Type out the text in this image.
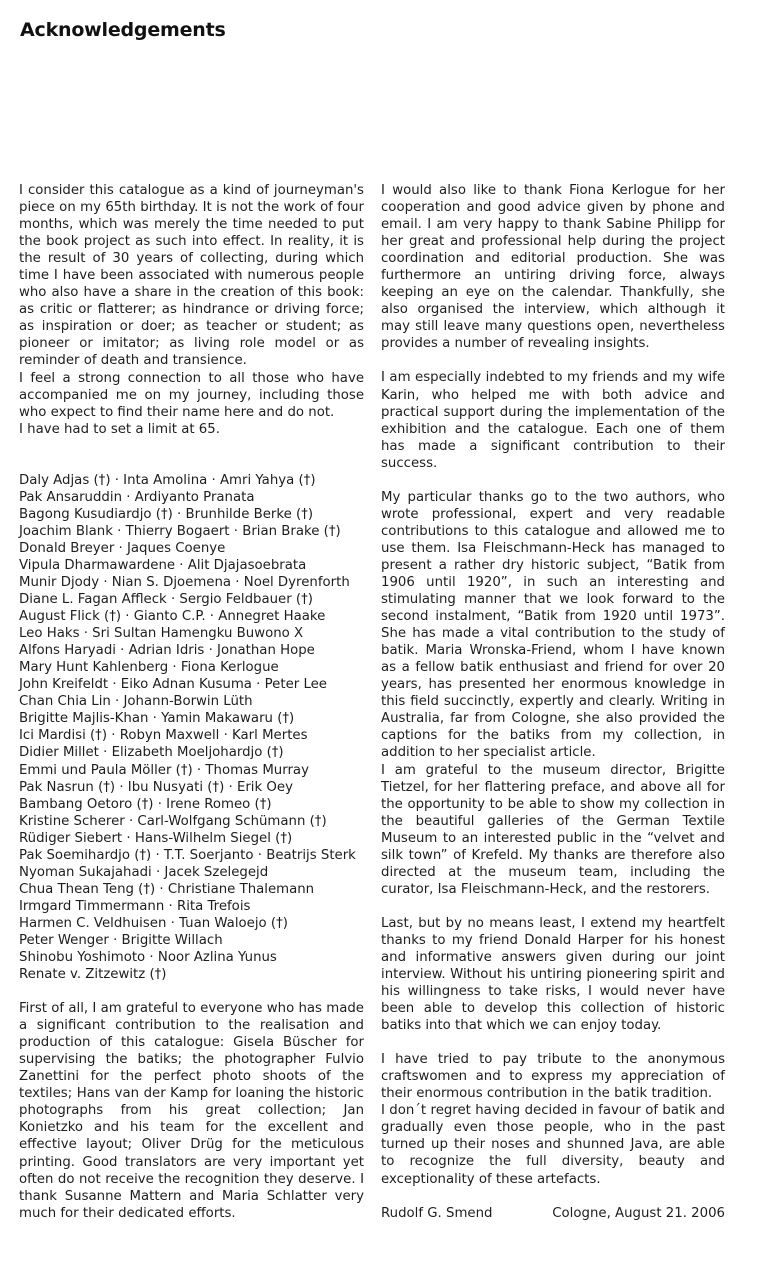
Acknowledgements

I consider this catalogue as a kind of journeyman's piece on my 65th birthday. It is not the work of four months, which was merely the time needed to put the book project as such into effect. In reality, it is the result of 30 years of collecting, during which time I have been associated with numerous people who also have a share in the creation of this book: as critic or flatterer; as hindrance or driving force; as inspiration or doer; as teacher or student; as pioneer or imitator; as living role model or as reminder of death and transience.

I feel a strong connection to all those who have accompanied me on my journey, including those who expect to find their name here and do not.

I have had to set a limit at 65.

Daly Adjas (†) · Inta Amolina · Amri Yahya (†)
Pak Ansaruddin · Ardiyanto Pranata
Bagong Kusudiardjo (†) · Brunhilde Berke (†)
Joachim Blank · Thierry Bogaert · Brian Brake (†)
Donald Breyer · Jaques Coenye
Vipula Dharmawardene · Alit Djajasoebrata
Munir Djody · Nian S. Djoemena · Noel Dyrenforth
Diane L. Fagan Affleck · Sergio Feldbauer (†)
August Flick (†) · Gianto C.P. · Annegret Haake
Leo Haks · Sri Sultan Hamengku Buwono X
Alfons Haryadi · Adrian Idris · Jonathan Hope
Mary Hunt Kahlenberg · Fiona Kerlogue
John Kreifeldt · Eiko Adnan Kusuma · Peter Lee
Chan Chia Lin · Johann-Borwin Lüth
Brigitte Majlis-Khan · Yamin Makawaru (†)
Ici Mardisi (†) · Robyn Maxwell · Karl Mertes
Didier Millet · Elizabeth Moeljohardjo (†)
Emmi und Paula Möller (†) · Thomas Murray
Pak Nasrun (†) · Ibu Nusyati (†) · Erik Oey
Bambang Oetoro (†) · Irene Romeo (†)
Kristine Scherer · Carl-Wolfgang Schümann (†)
Rüdiger Siebert · Hans-Wilhelm Siegel (†)
Pak Soemihardjo (†) · T.T. Soerjanto · Beatrijs Sterk
Nyoman Sukajahadi · Jacek Szelegejd
Chua Thean Teng (†) · Christiane Thalemann
Irmgard Timmermann · Rita Trefois
Harmen C. Veldhuisen · Tuan Waloejo (†)
Peter Wenger · Brigitte Willach
Shinobu Yoshimoto · Noor Azlina Yunus
Renate v. Zitzewitz (†)

First of all, I am grateful to everyone who has made a significant contribution to the realisation and production of this catalogue: Gisela Büscher for supervising the batiks; the photographer Fulvio Zanettini for the perfect photo shoots of the textiles; Hans van der Kamp for loaning the historic photographs from his great collection; Jan Konietzko and his team for the excellent and effective layout; Oliver Drüg for the meticulous printing. Good translators are very important yet often do not receive the recognition they deserve. I thank Susanne Mattern and Maria Schlatter very much for their dedicated efforts.

I would also like to thank Fiona Kerlogue for her cooperation and good advice given by phone and email. I am very happy to thank Sabine Philipp for her great and professional help during the project coordination and editorial production. She was furthermore an untiring driving force, always keeping an eye on the calendar. Thankfully, she also organised the interview, which although it may still leave many questions open, nevertheless provides a number of revealing insights.

I am especially indebted to my friends and my wife Karin, who helped me with both advice and practical support during the implementation of the exhibition and the catalogue. Each one of them has made a significant contribution to their success.

My particular thanks go to the two authors, who wrote professional, expert and very readable contributions to this catalogue and allowed me to use them. Isa Fleischmann-Heck has managed to present a rather dry historic subject, “Batik from 1906 until 1920”, in such an interesting and stimulating manner that we look forward to the second instalment, “Batik from 1920 until 1973”. She has made a vital contribution to the study of batik. Maria Wronska-Friend, whom I have known as a fellow batik enthusiast and friend for over 20 years, has presented her enormous knowledge in this field succinctly, expertly and clearly. Writing in Australia, far from Cologne, she also provided the captions for the batiks from my collection, in addition to her specialist article.

I am grateful to the museum director, Brigitte Tietzel, for her flattering preface, and above all for the opportunity to be able to show my collection in the beautiful galleries of the German Textile Museum to an interested public in the “velvet and silk town” of Krefeld. My thanks are therefore also directed at the museum team, including the curator, Isa Fleischmann-Heck, and the restorers.

Last, but by no means least, I extend my heartfelt thanks to my friend Donald Harper for his honest and informative answers given during our joint interview. Without his untiring pioneering spirit and his willingness to take risks, I would never have been able to develop this collection of historic batiks into that which we can enjoy today.

I have tried to pay tribute to the anonymous craftswomen and to express my appreciation of their enormous contribution in the batik tradition.

I don´t regret having decided in favour of batik and gradually even those people, who in the past turned up their noses and shunned Java, are able to recognize the full diversity, beauty and exceptionality of these artefacts.

Rudolf G. Smend	Cologne, August 21. 2006
